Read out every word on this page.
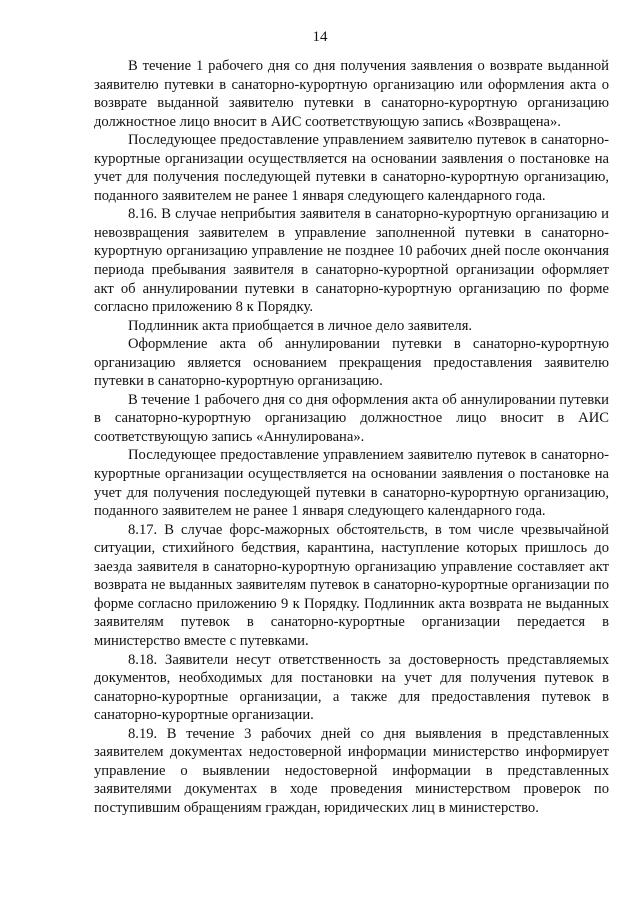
14

В течение 1 рабочего дня со дня получения заявления о возврате выданной заявителю путевки в санаторно-курортную организацию или оформления акта о возврате выданной заявителю путевки в санаторно-курортную организацию должностное лицо вносит в АИС соответствующую запись «Возвращена».

Последующее предоставление управлением заявителю путевок в санаторно-курортные организации осуществляется на основании заявления о постановке на учет для получения последующей путевки в санаторно-курортную организацию, поданного заявителем не ранее 1 января следующего календарного года.

8.16. В случае неприбытия заявителя в санаторно-курортную организацию и невозвращения заявителем в управление заполненной путевки в санаторно-курортную организацию управление не позднее 10 рабочих дней после окончания периода пребывания заявителя в санаторно-курортной организации оформляет акт об аннулировании путевки в санаторно-курортную организацию по форме согласно приложению 8 к Порядку.

Подлинник акта приобщается в личное дело заявителя.

Оформление акта об аннулировании путевки в санаторно-курортную организацию является основанием прекращения предоставления заявителю путевки в санаторно-курортную организацию.

В течение 1 рабочего дня со дня оформления акта об аннулировании путевки в санаторно-курортную организацию должностное лицо вносит в АИС соответствующую запись «Аннулирована».

Последующее предоставление управлением заявителю путевок в санаторно-курортные организации осуществляется на основании заявления о постановке на учет для получения последующей путевки в санаторно-курортную организацию, поданного заявителем не ранее 1 января следующего календарного года.

8.17. В случае форс-мажорных обстоятельств, в том числе чрезвычайной ситуации, стихийного бедствия, карантина, наступление которых пришлось до заезда заявителя в санаторно-курортную организацию управление составляет акт возврата не выданных заявителям путевок в санаторно-курортные организации по форме согласно приложению 9 к Порядку. Подлинник акта возврата не выданных заявителям путевок в санаторно-курортные организации передается в министерство вместе с путевками.

8.18. Заявители несут ответственность за достоверность представляемых документов, необходимых для постановки на учет для получения путевок в санаторно-курортные организации, а также для предоставления путевок в санаторно-курортные организации.

8.19. В течение 3 рабочих дней со дня выявления в представленных заявителем документах недостоверной информации министерство информирует управление о выявлении недостоверной информации в представленных заявителями документах в ходе проведения министерством проверок по поступившим обращениям граждан, юридических лиц в министерство.
